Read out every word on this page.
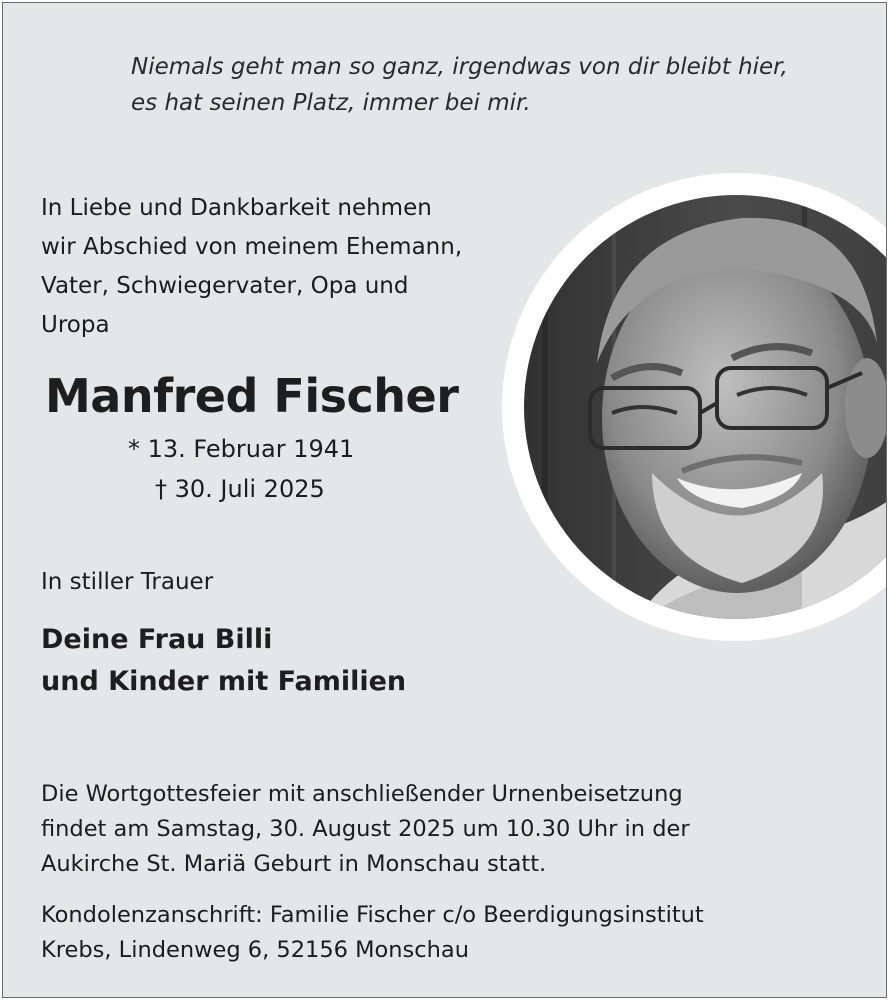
Niemals geht man so ganz, irgendwas von dir bleibt hier,
es hat seinen Platz, immer bei mir.

In Liebe und Dankbarkeit nehmen
wir Abschied von meinem Ehemann,
Vater, Schwiegervater, Opa und
Uropa

Manfred Fischer
* 13. Februar 1941
† 30. Juli 2025
In stiller Trauer
Deine Frau Billi
und Kinder mit Familien
Die Wortgottesfeier mit anschließender Urnenbeisetzung
findet am Samstag, 30. August 2025 um 10.30 Uhr in der
Aukirche St. Mariä Geburt in Monschau statt.
Kondolenzanschrift: Familie Fischer c/o Beerdigungsinstitut
Krebs, Lindenweg 6, 52156 Monschau
